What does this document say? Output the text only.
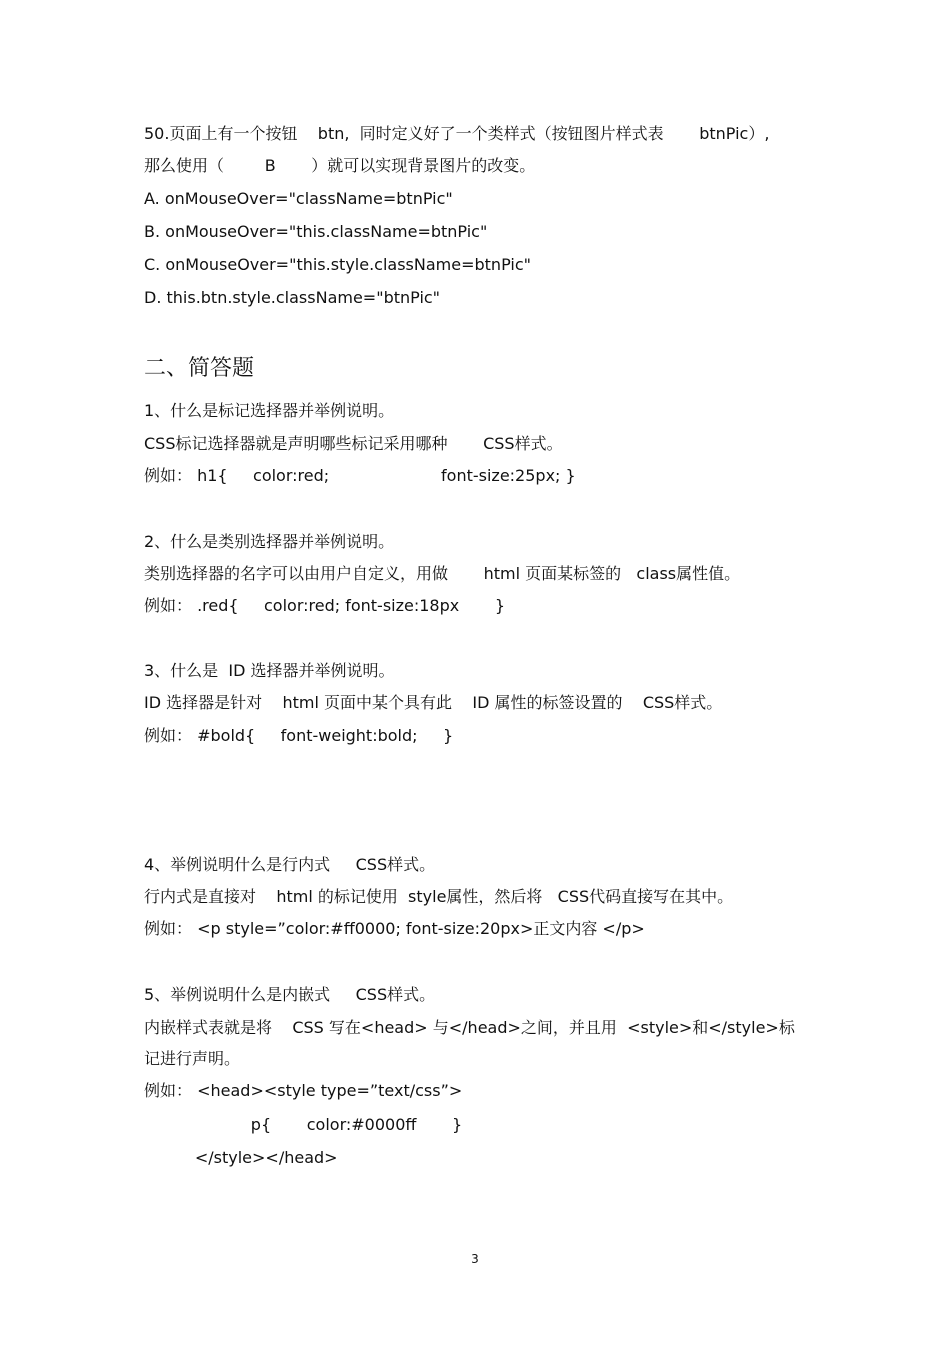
50.页面上有一个按钮    btn,  同时定义好了一个类样式（按钮图片样式表       btnPic）,

那么使用（        B       ）就可以实现背景图片的改变。

A. onMouseOver="className=btnPic"

B. onMouseOver="this.className=btnPic"

C. onMouseOver="this.style.className=btnPic"

D. this.btn.style.className="btnPic"

二、简答题

1、什么是标记选择器并举例说明。

CSS标记选择器就是声明哪些标记采用哪种       CSS样式。

例如： h1{     color:red;                      font-size:25px; }

2、什么是类别选择器并举例说明。

类别选择器的名字可以由用户自定义，用做       html 页面某标签的   class属性值。

例如： .red{     color:red; font-size:18px       }

3、什么是  ID 选择器并举例说明。

ID 选择器是针对    html 页面中某个具有此    ID 属性的标签设置的    CSS样式。

例如： #bold{     font-weight:bold;     }

4、举例说明什么是行内式     CSS样式。

行内式是直接对    html 的标记使用  style属性，然后将   CSS代码直接写在其中。

例如： <p style=”color:#ff0000; font-size:20px>正文内容 </p>

5、举例说明什么是内嵌式     CSS样式。

内嵌样式表就是将    CSS 写在<head> 与</head>之间，并且用  <style>和</style>标

记进行声明。

例如： <head><style type=”text/css”>

p{       color:#0000ff       }

</style></head>

3
